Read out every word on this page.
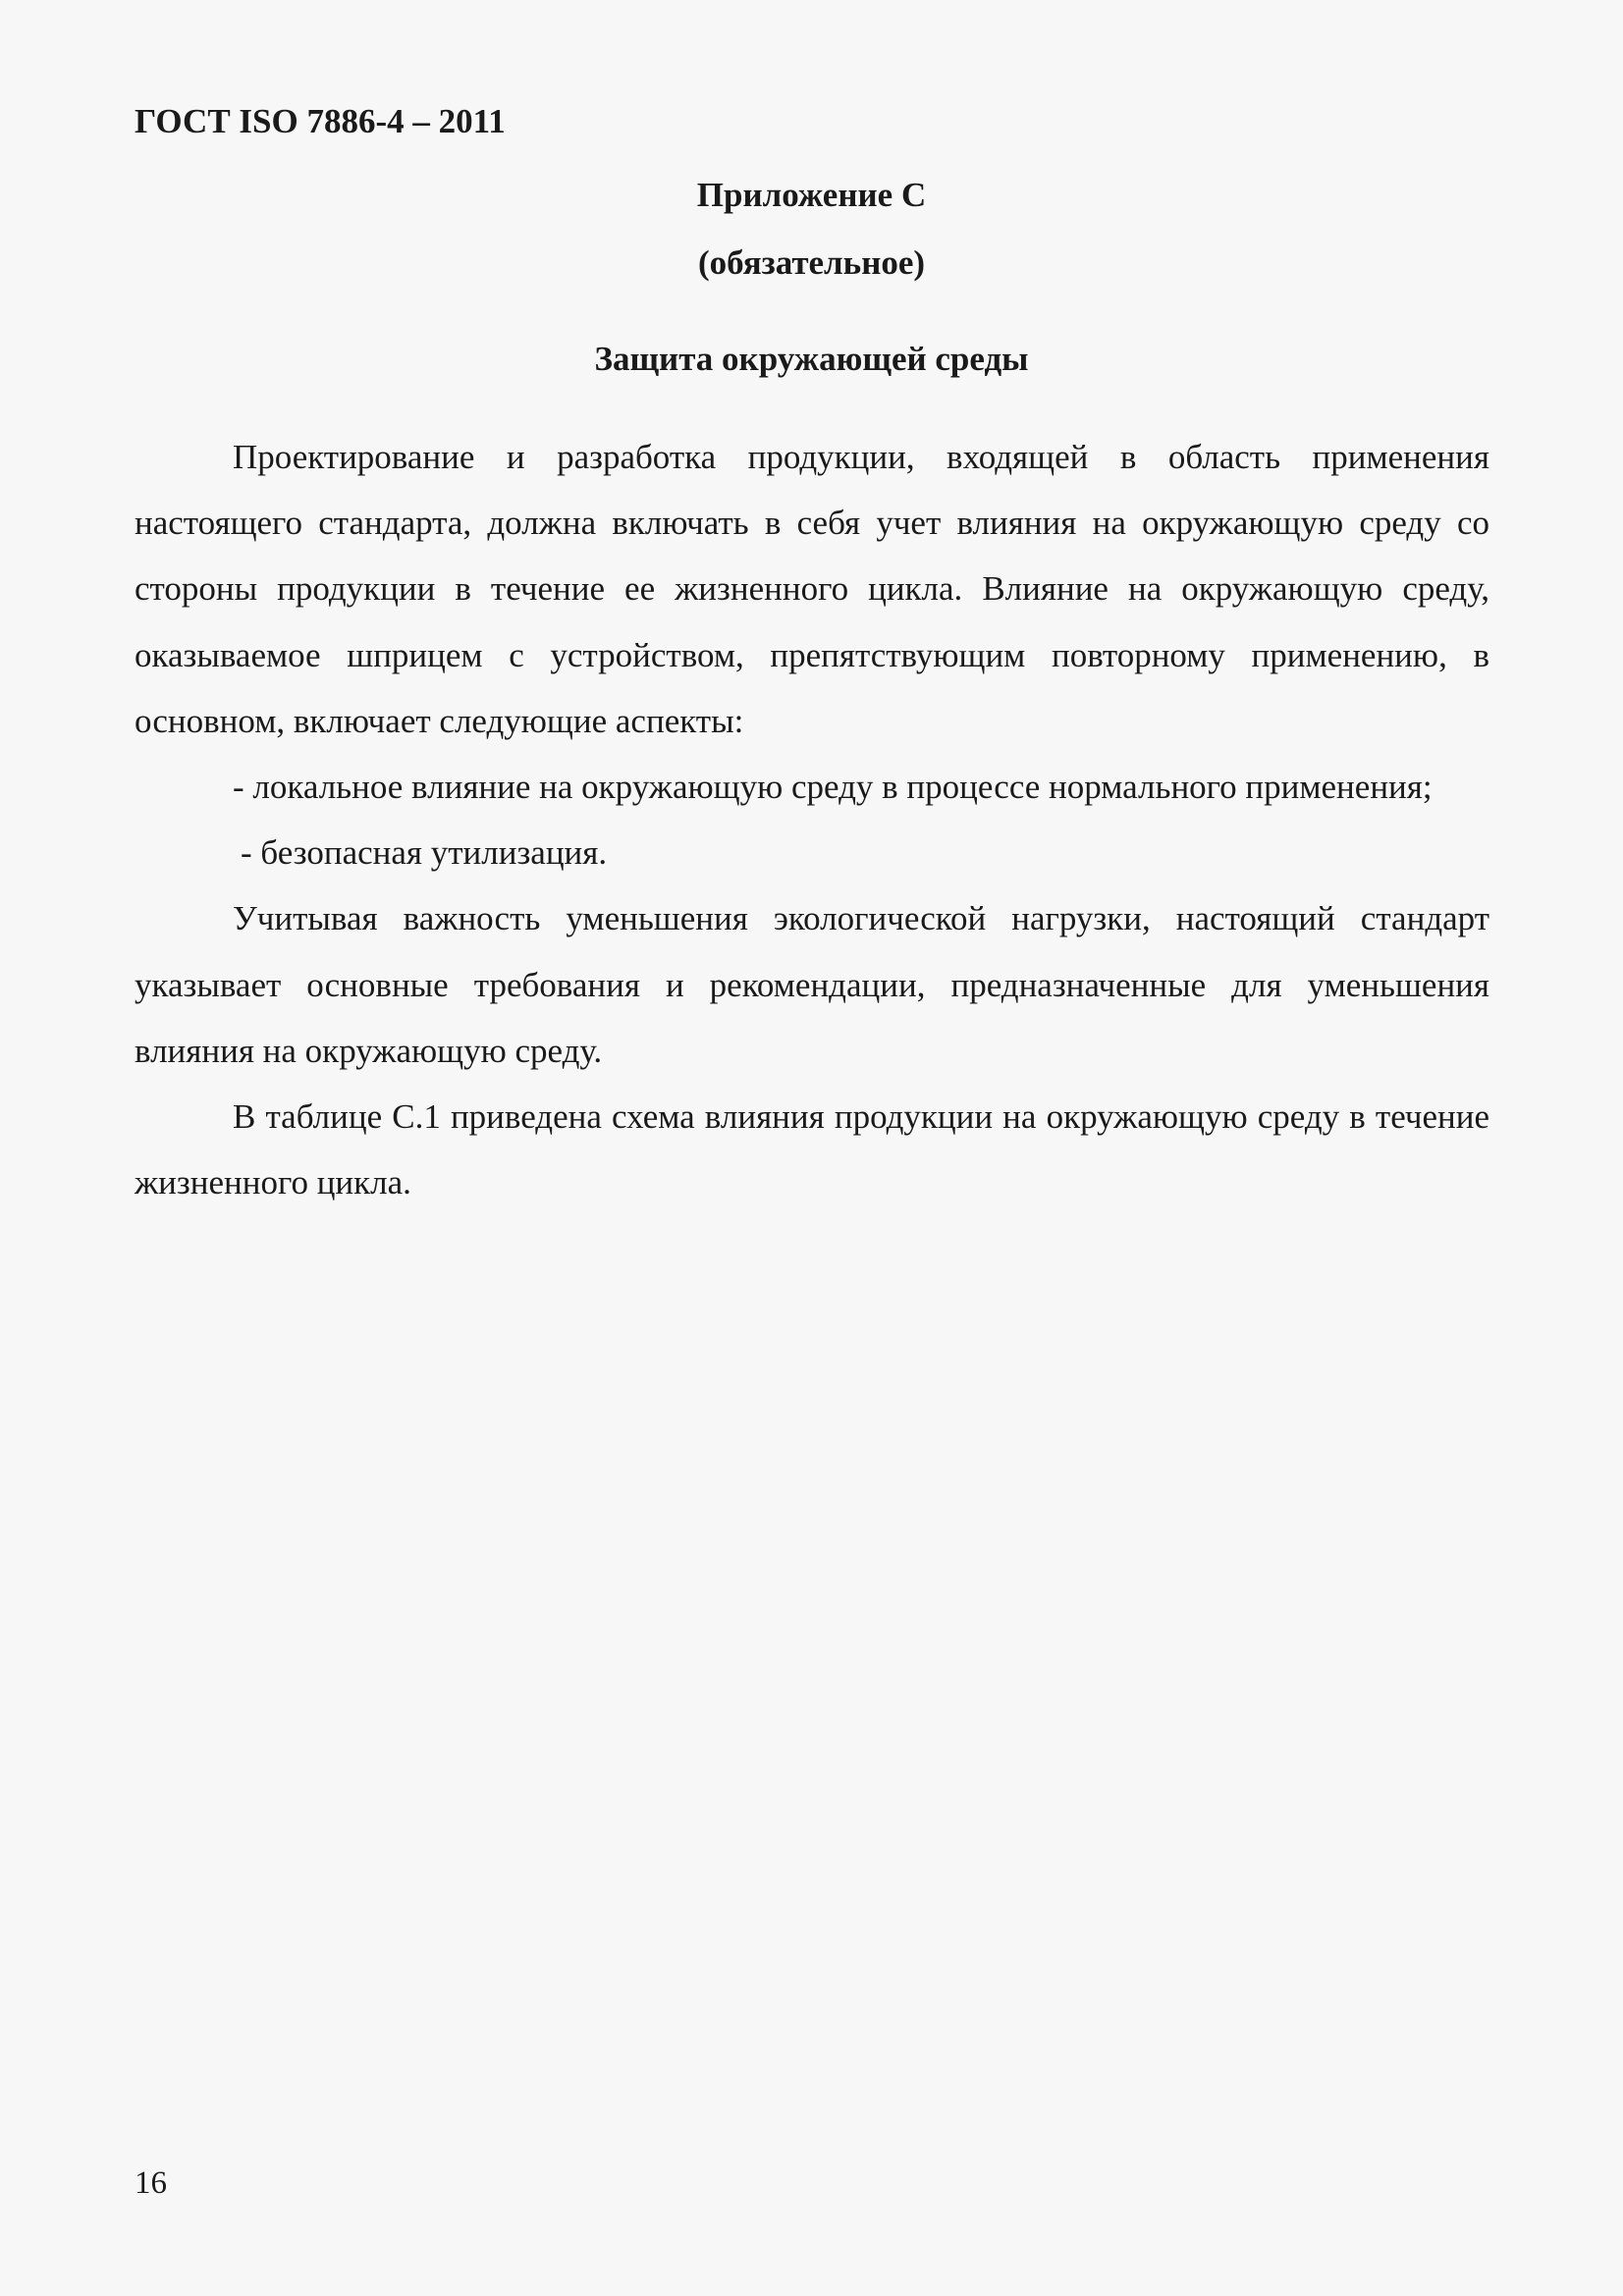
ГОСТ ISO 7886-4 – 2011
Приложение С
(обязательное)
Защита окружающей среды

Проектирование и разработка продукции, входящей в область применения настоящего стандарта, должна включать в себя учет влияния на окружающую среду со стороны продукции в течение ее жизненного цикла. Влияние на окружающую среду, оказываемое шприцем с устройством, препятствующим повторному применению, в основном, включает следующие аспекты:

- локальное влияние на окружающую среду в процессе нормального применения;

- безопасная утилизация.

Учитывая важность уменьшения экологической нагрузки, настоящий стандарт указывает основные требования и рекомендации, предназначенные для уменьшения влияния на окружающую среду.

В таблице С.1 приведена схема влияния продукции на окружающую среду в течение жизненного цикла.

16
